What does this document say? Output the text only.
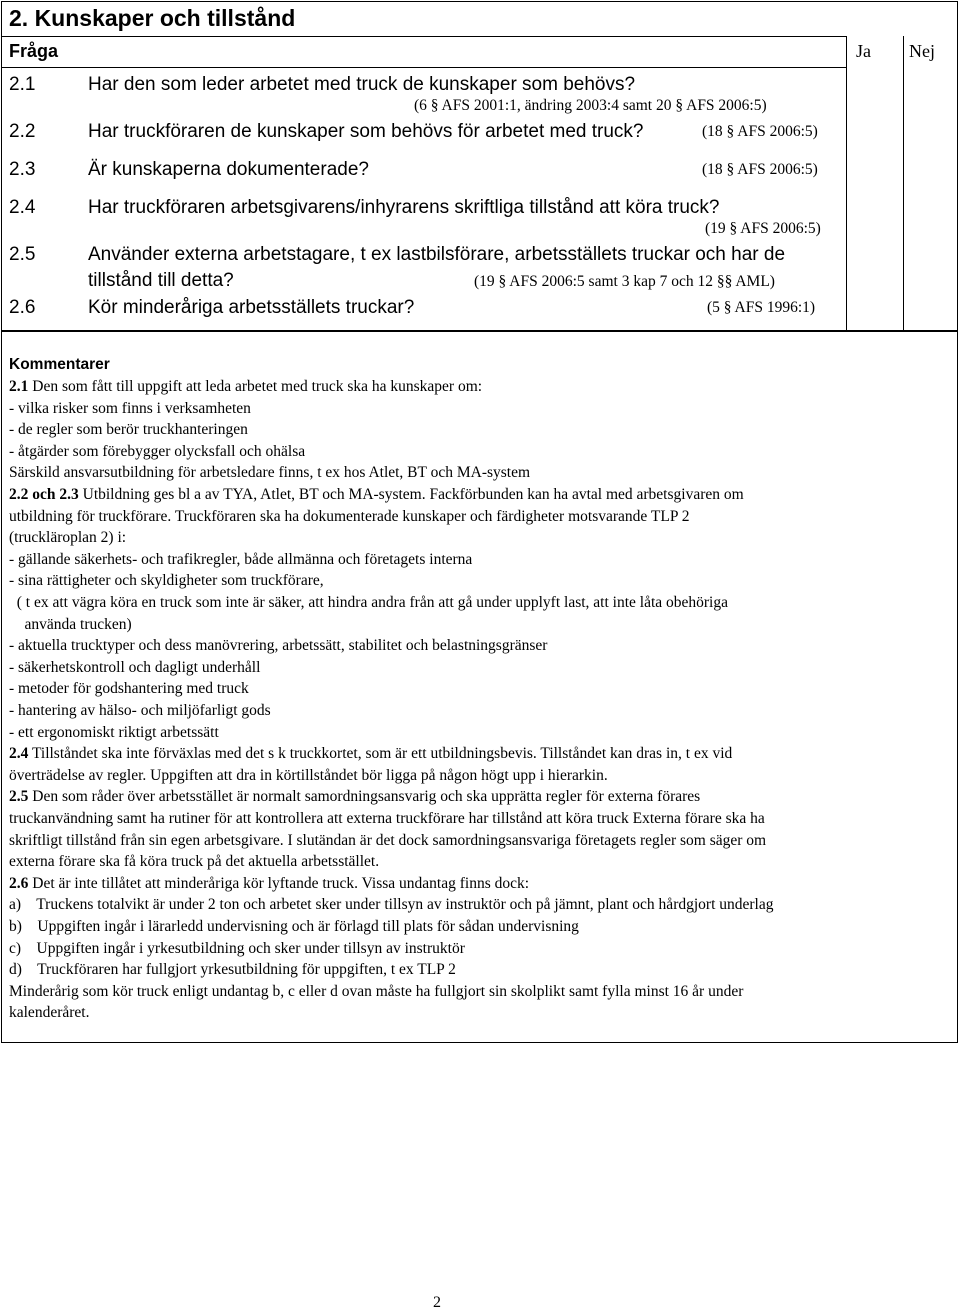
2. Kunskaper och tillstånd
Fråga	Ja Nej
2.1	Har den som leder arbetet med truck de kunskaper som behövs?
(6 § AFS 2001:1, ändring 2003:4 samt 20 § AFS 2006:5)
2.2	Har truckföraren de kunskaper som behövs för arbetet med truck?	(18 § AFS 2006:5)
2.3	Är kunskaperna dokumenterade?	(18 § AFS 2006:5)
2.4	Har truckföraren arbetsgivarens/inhyrarens skriftliga tillstånd att köra truck?
(19 § AFS 2006:5)
2.5	Använder externa arbetstagare, t ex lastbilsförare, arbetsställets truckar och har de
tillstånd till detta?	(19 § AFS 2006:5 samt 3 kap 7 och 12 §§ AML)
2.6	Kör minderåriga arbetsställets truckar?	(5 § AFS 1996:1)
Kommentarer
2.1 Den som fått till uppgift att leda arbetet med truck ska ha kunskaper om:
- vilka risker som finns i verksamheten
- de regler som berör truckhanteringen
- åtgärder som förebygger olycksfall och ohälsa
Särskild ansvarsutbildning för arbetsledare finns, t ex hos Atlet, BT och MA-system
2.2 och 2.3 Utbildning ges bl a av TYA, Atlet, BT och MA-system. Fackförbunden kan ha avtal med arbetsgivaren om
utbildning för truckförare. Truckföraren ska ha dokumenterade kunskaper och färdigheter motsvarande TLP 2
(truckläroplan 2) i:
- gällande säkerhets- och trafikregler, både allmänna och företagets interna
- sina rättigheter och skyldigheter som truckförare,
( t ex att vägra köra en truck som inte är säker, att hindra andra från att gå under upplyft last, att inte låta obehöriga
använda trucken)
- aktuella trucktyper och dess manövrering, arbetssätt, stabilitet och belastningsgränser
- säkerhetskontroll och dagligt underhåll
- metoder för godshantering med truck
- hantering av hälso- och miljöfarligt gods
- ett ergonomiskt riktigt arbetssätt
2.4 Tillståndet ska inte förväxlas med det s k truckkortet, som är ett utbildningsbevis. Tillståndet kan dras in, t ex vid
överträdelse av regler. Uppgiften att dra in körtillståndet bör ligga på någon högt upp i hierarkin.
2.5 Den som råder över arbetsstället är normalt samordningsansvarig och ska upprätta regler för externa förares
truckanvändning samt ha rutiner för att kontrollera att externa truckförare har tillstånd att köra truck Externa förare ska ha
skriftligt tillstånd från sin egen arbetsgivare. I slutändan är det dock samordningsansvariga företagets regler som säger om
externa förare ska få köra truck på det aktuella arbetsstället.
2.6 Det är inte tillåtet att minderåriga kör lyftande truck. Vissa undantag finns dock:
a)    Truckens totalvikt är under 2 ton och arbetet sker under tillsyn av instruktör och på jämnt, plant och hårdgjort underlag
b)    Uppgiften ingår i lärarledd undervisning och är förlagd till plats för sådan undervisning
c)    Uppgiften ingår i yrkesutbildning och sker under tillsyn av instruktör
d)    Truckföraren har fullgjort yrkesutbildning för uppgiften, t ex TLP 2
Minderårig som kör truck enligt undantag b, c eller d ovan måste ha fullgjort sin skolplikt samt fylla minst 16 år under
kalenderåret.
2
